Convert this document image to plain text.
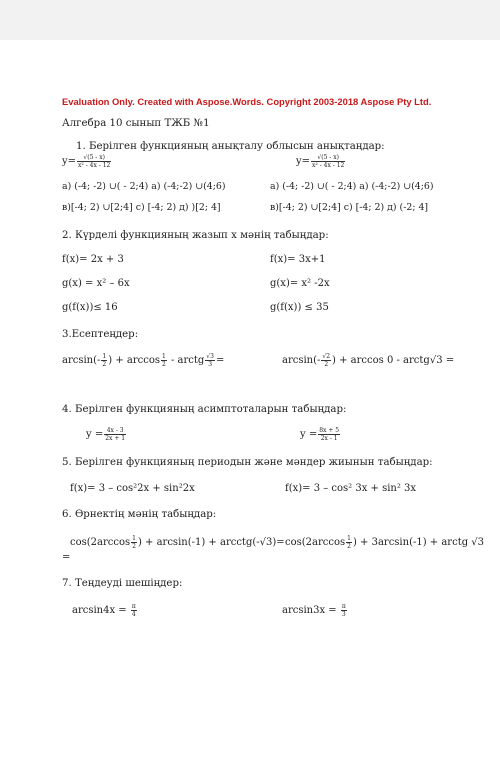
Evaluation Only. Created with Aspose.Words. Copyright 2003-2018 Aspose Pty Ltd.
Алгебра 10 сынып ТЖБ №1
1. Берілген функцияның анықталу облысын анықтаңдар:
$y= \frac{√(5 - x)}{\text{x² - 4x - 12}}$	$y= \frac{√(5 - x)}{\text{x² - 4x - 12}}$
а) (-4; -2) ∪( - 2;4) а) (-4;-2) ∪(4;6)	а) (-4; -2) ∪( - 2;4) а) (-4;-2) ∪(4;6)
в)[-4; 2) ∪[2;4] с) [-4; 2) д) )[2; 4]	в)[-4; 2) ∪[2;4] с) [-4; 2) д) (-2; 4]
2. Күрделі функцияның жазып х мәнің табыңдар:
f(x)= 2x + 3	f(x)= 3x+1
g(x) = x² – 6x	g(x)= x² -2x
g(f(x))≤ 16	g(f(x)) ≤ 35
3.Есептеңдер:
$\arcsin(- \frac{1}{2}$ ) + $\arccos \frac{1}{2}$ - arctg $\frac{√3}{3}$ =	$\arcsin(- \frac{√2}{2}$ ) + arccos 0 - arctg√3 =
4. Берілген функцияның асимптоталарын табыңдар:
$y = \frac{4x - 3}{2x + 1}$	$y = \frac{8x + 5}{2x - 1}$
5. Берілген функцияның периодын және мәндер жиынын табыңдар:
f(x)= 3 – cos²2x + sin²2x	f(x)= 3 – cos² 3x + sin² 3x
6. Өрнектің мәнің табыңдар:
$\cos(2\arccos \frac{1}{2}$ ) + arcsin(-1) + arcctg(-√3)=
=
$\cos(2\arccos \frac{1}{2}$ ) + 3arcsin(-1) + arctg √3
7. Теңдеуді шешіңдер:
$\arcsin 4x = \frac{\pi}{4}$	$\arcsin 3x = \frac{\pi}{3}$
